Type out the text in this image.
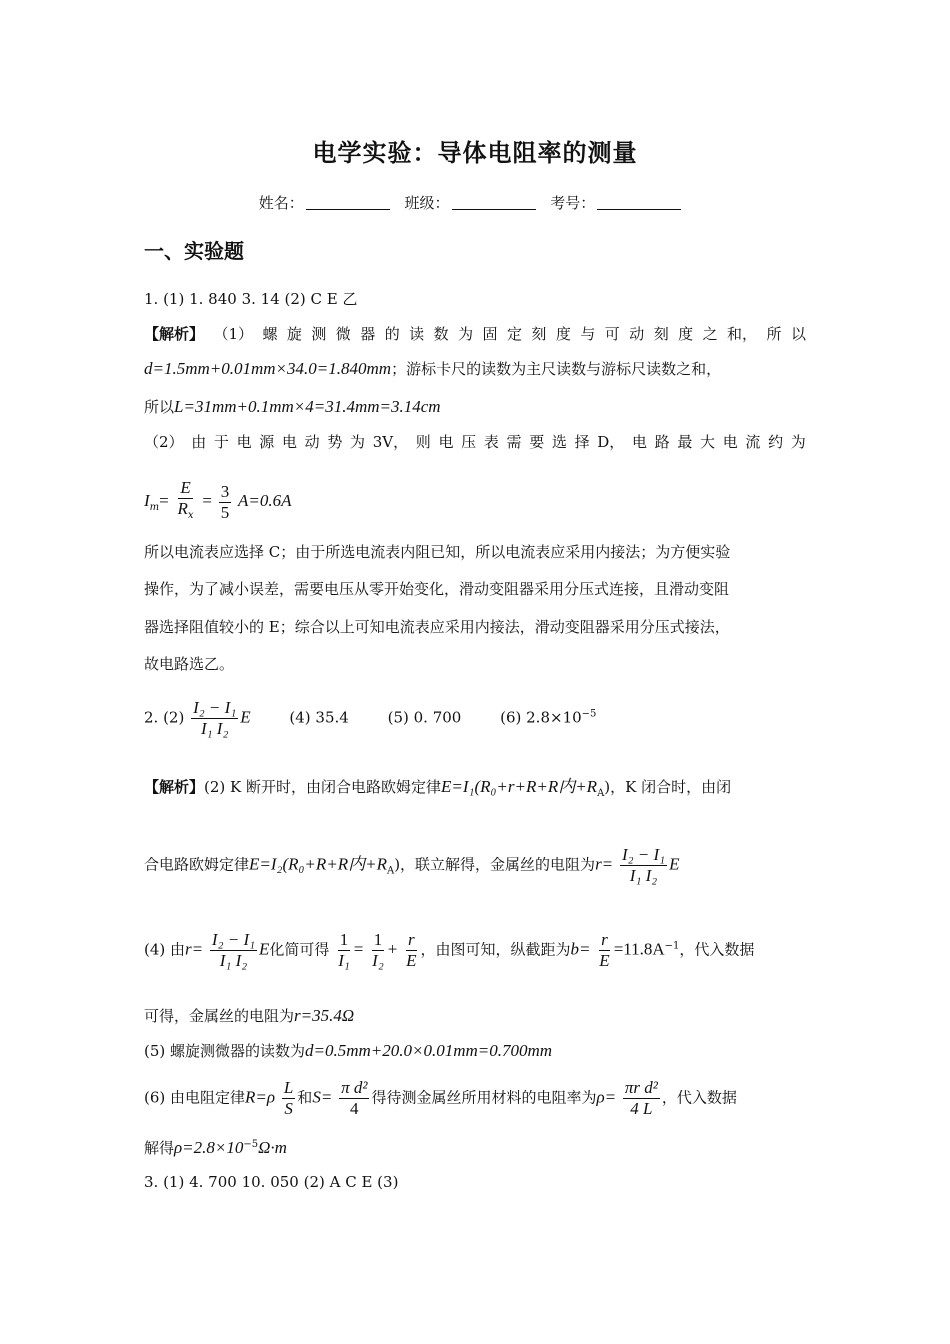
电学实验：导体电阻率的测量
姓名：	班级：	考号：
一、实验题
1. (1) 1. 840 3. 14 (2) C E 乙
【解析】 （1） 螺 旋 测 微 器 的 读 数 为 固 定 刻 度 与 可 动 刻 度 之 和， 所 以
d=1.5mm+0.01mm×34.0=1.840mm；游标卡尺的读数为主尺读数与游标尺读数之和，
所以L=31mm+0.1mm×4=31.4mm=3.14cm
（2） 由 于 电 源 电 动 势 为 3V， 则 电 压 表 需 要 选 择 D， 电 路 最 大 电 流 约 为
$I_m= \frac{E}{R_x} = \frac{3}{5} A=0.6A$
所以电流表应选择 C；由于所选电流表内阻已知，所以电流表应采用内接法；为方便实验
操作，为了减小误差，需要电压从零开始变化，滑动变阻器采用分压式连接，且滑动变阻
器选择阻值较小的 E；综合以上可知电流表应采用内接法，滑动变阻器采用分压式接法，
故电路选乙。
2. $(2) \frac{\text{I₂ − I₁}}{\text{I₁ I₂}}$ E	(4) 35.4	(5) 0. 700	(6) $2.8\times 10^{-5}$
【解析】(2) K 断开时，由闭合电路欧姆定律E=I₁(R₀+r+R+R内$+R_A$)，K 闭合时，由闭
合电路欧姆定律E=I₂(R₀+R+R内$+R_A$)，联立解得，金属丝的电阻为$r= \frac{\text{I₂ − I₁}}{\text{I₁ I₂}}$ E
(4) 由$r= \frac{\text{I₂ − I₁}}{\text{I₁ I₂}}$ E化简可得 $\frac{1}{\text{I₁}} = \frac{1}{\text{I₂}} + \frac{r}{E}$ ，由图可知，纵截距为$b= \frac{r}{E} =11.8A^{-1}$，代入数据
可得，金属丝的电阻为r=35.4Ω
(5) 螺旋测微器的读数为d=0.5mm+20.0×0.01mm=0.700mm
(6) 由电阻定律$R=\rho \frac{L}{S}$ 和$S= \frac{\text{π d²}}{4}$ 得待测金属丝所用材料的电阻率为$\rho= \frac{\text{πr d²}}{4 L}$ ，代入数据
解得$\rho=2.8\times 10^{-5}\Omega\cdot m$
3. (1) 4. 700 10. 050 (2) A C E (3)
